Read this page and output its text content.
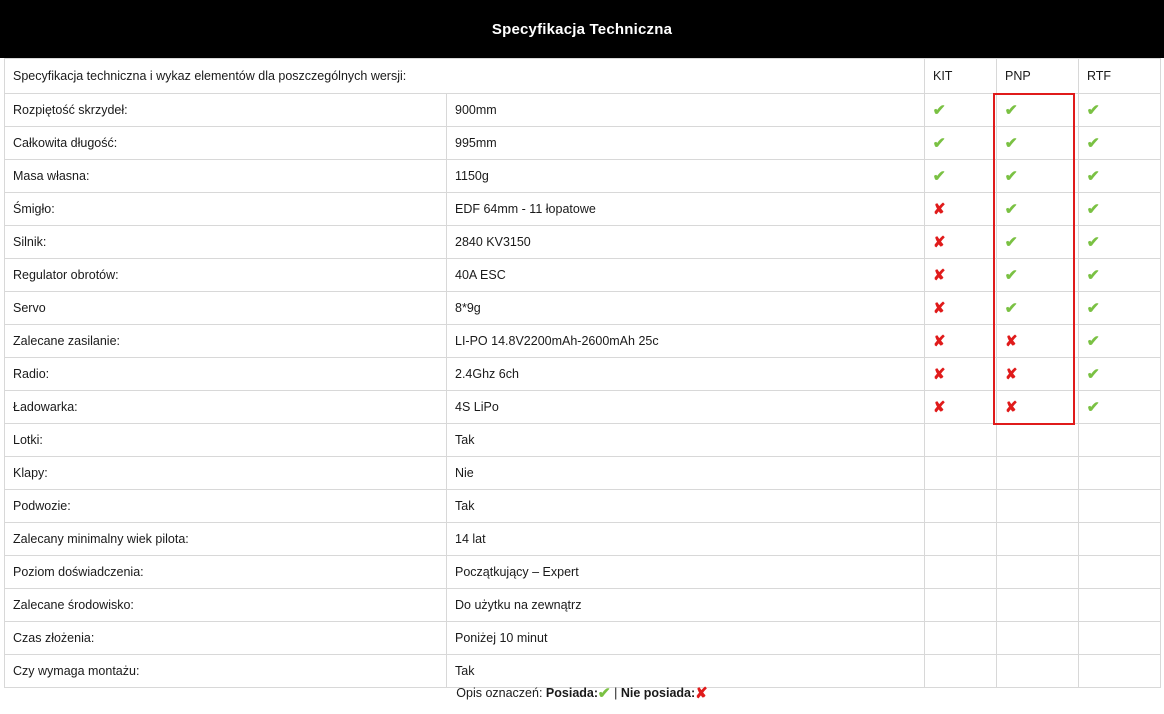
Specyfikacja Techniczna
Specyfikacja techniczna i wykaz elementów dla poszczególnych wersji:		KIT	PNP	RTF
Rozpiętość skrzydeł:	900mm	✔	✔	✔
Całkowita długość:	995mm	✔	✔	✔
Masa własna:	1150g	✔	✔	✔
Śmigło:	EDF 64mm - 11 łopatowe	✘	✔	✔
Silnik:	2840 KV3150	✘	✔	✔
Regulator obrotów:	40A ESC	✘	✔	✔
Servo	8*9g	✘	✔	✔
Zalecane zasilanie:	LI-PO 14.8V2200mAh-2600mAh 25c	✘	✘	✔
Radio:	2.4Ghz 6ch	✘	✘	✔
Ładowarka:	4S LiPo	✘	✘	✔
Lotki:	Tak			
Klapy:	Nie			
Podwozie:	Tak			
Zalecany minimalny wiek pilota:	14 lat			
Poziom doświadczenia:	Początkujący – Expert			
Zalecane środowisko:	Do użytku na zewnątrz			
Czas złożenia:	Poniżej 10 minut			
Czy wymaga montażu:	Tak			
Opis oznaczeń: Posiada:✔ | Nie posiada:✘
